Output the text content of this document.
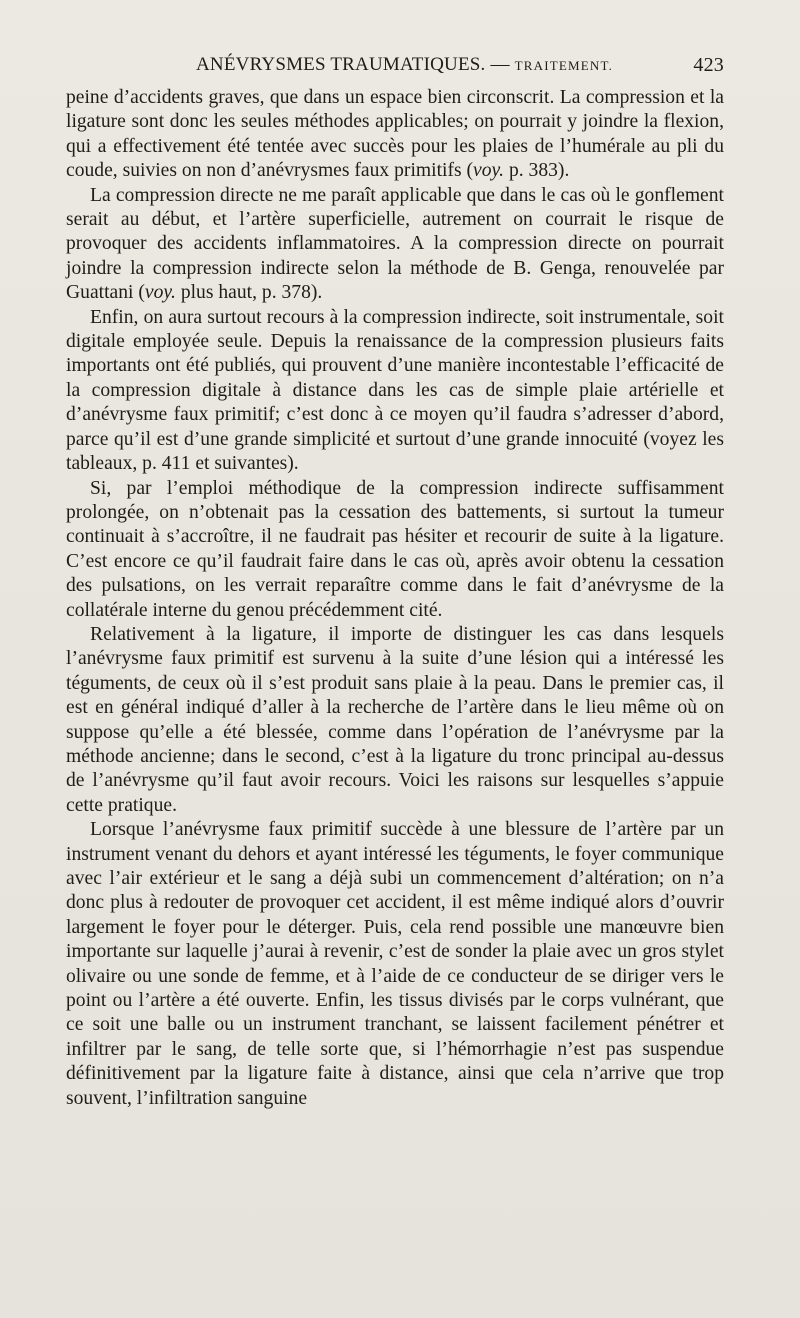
ANÉVRYSMES TRAUMATIQUES. — TRAITEMENT.	423

peine d’accidents graves, que dans un espace bien circonscrit. La compression et la ligature sont donc les seules méthodes applicables; on pourrait y joindre la flexion, qui a effectivement été tentée avec succès pour les plaies de l’humérale au pli du coude, suivies on non d’anévrysmes faux primitifs (voy. p. 383).

La compression directe ne me paraît applicable que dans le cas où le gonflement serait au début, et l’artère superficielle, autrement on courrait le risque de provoquer des accidents inflammatoires. A la compression directe on pourrait joindre la compression indirecte selon la méthode de B. Genga, renouvelée par Guattani (voy. plus haut, p. 378).

Enfin, on aura surtout recours à la compression indirecte, soit instrumentale, soit digitale employée seule. Depuis la renaissance de la compression plusieurs faits importants ont été publiés, qui prouvent d’une manière incontestable l’efficacité de la compression digitale à distance dans les cas de simple plaie artérielle et d’anévrysme faux primitif; c’est donc à ce moyen qu’il faudra s’adresser d’abord, parce qu’il est d’une grande simplicité et surtout d’une grande innocuité (voyez les tableaux, p. 411 et suivantes).

Si, par l’emploi méthodique de la compression indirecte suffisamment prolongée, on n’obtenait pas la cessation des battements, si surtout la tumeur continuait à s’accroître, il ne faudrait pas hésiter et recourir de suite à la ligature. C’est encore ce qu’il faudrait faire dans le cas où, après avoir obtenu la cessation des pulsations, on les verrait reparaître comme dans le fait d’anévrysme de la collatérale interne du genou précédemment cité.

Relativement à la ligature, il importe de distinguer les cas dans lesquels l’anévrysme faux primitif est survenu à la suite d’une lésion qui a intéressé les téguments, de ceux où il s’est produit sans plaie à la peau. Dans le premier cas, il est en général indiqué d’aller à la recherche de l’artère dans le lieu même où on suppose qu’elle a été blessée, comme dans l’opération de l’anévrysme par la méthode ancienne; dans le second, c’est à la ligature du tronc principal au-dessus de l’anévrysme qu’il faut avoir recours. Voici les raisons sur lesquelles s’appuie cette pratique.

Lorsque l’anévrysme faux primitif succède à une blessure de l’artère par un instrument venant du dehors et ayant intéressé les téguments, le foyer communique avec l’air extérieur et le sang a déjà subi un commencement d’altération; on n’a donc plus à redouter de provoquer cet accident, il est même indiqué alors d’ouvrir largement le foyer pour le déterger. Puis, cela rend possible une manœuvre bien importante sur laquelle j’aurai à revenir, c’est de sonder la plaie avec un gros stylet olivaire ou une sonde de femme, et à l’aide de ce conducteur de se diriger vers le point ou l’artère a été ouverte. Enfin, les tissus divisés par le corps vulnérant, que ce soit une balle ou un instrument tranchant, se laissent facilement pénétrer et infiltrer par le sang, de telle sorte que, si l’hémorrhagie n’est pas suspendue définitivement par la ligature faite à distance, ainsi que cela n’arrive que trop souvent, l’infiltration sanguine
